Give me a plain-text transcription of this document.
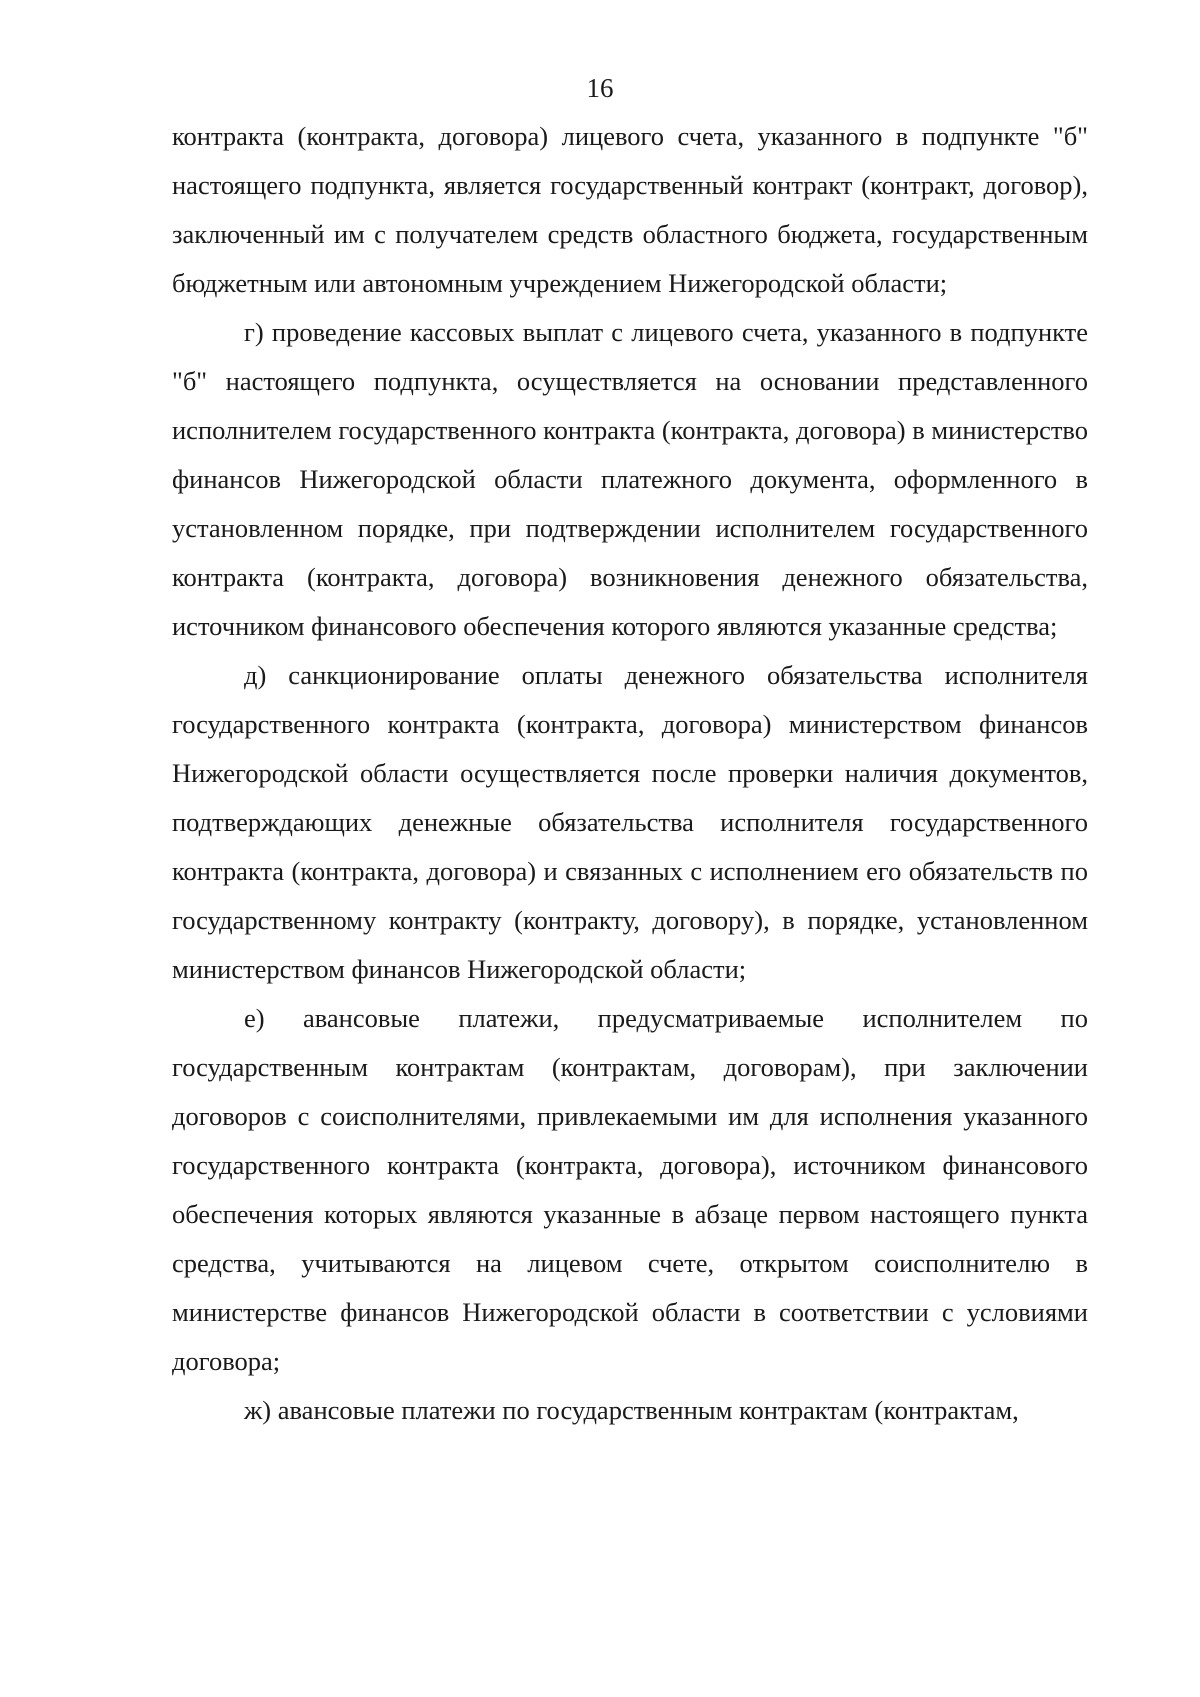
16

контракта (контракта, договора) лицевого счета, указанного в подпункте "б" настоящего подпункта, является государственный контракт (контракт, договор), заключенный им с получателем средств областного бюджета, государственным бюджетным или автономным учреждением Нижегородской области;

г) проведение кассовых выплат с лицевого счета, указанного в подпункте "б" настоящего подпункта, осуществляется на основании представленного исполнителем государственного контракта (контракта, договора) в министерство финансов Нижегородской области платежного документа, оформленного в установленном порядке, при подтверждении исполнителем государственного контракта (контракта, договора) возникновения денежного обязательства, источником финансового обеспечения которого являются указанные средства;

д) санкционирование оплаты денежного обязательства исполнителя государственного контракта (контракта, договора) министерством финансов Нижегородской области осуществляется после проверки наличия документов, подтверждающих денежные обязательства исполнителя государственного контракта (контракта, договора) и связанных с исполнением его обязательств по государственному контракту (контракту, договору), в порядке, установленном министерством финансов Нижегородской области;

е) авансовые платежи, предусматриваемые исполнителем по государственным контрактам (контрактам, договорам), при заключении договоров с соисполнителями, привлекаемыми им для исполнения указанного государственного контракта (контракта, договора), источником финансового обеспечения которых являются указанные в абзаце первом настоящего пункта средства, учитываются на лицевом счете, открытом соисполнителю в министерстве финансов Нижегородской области в соответствии с условиями договора;

ж) авансовые платежи по государственным контрактам (контрактам,
